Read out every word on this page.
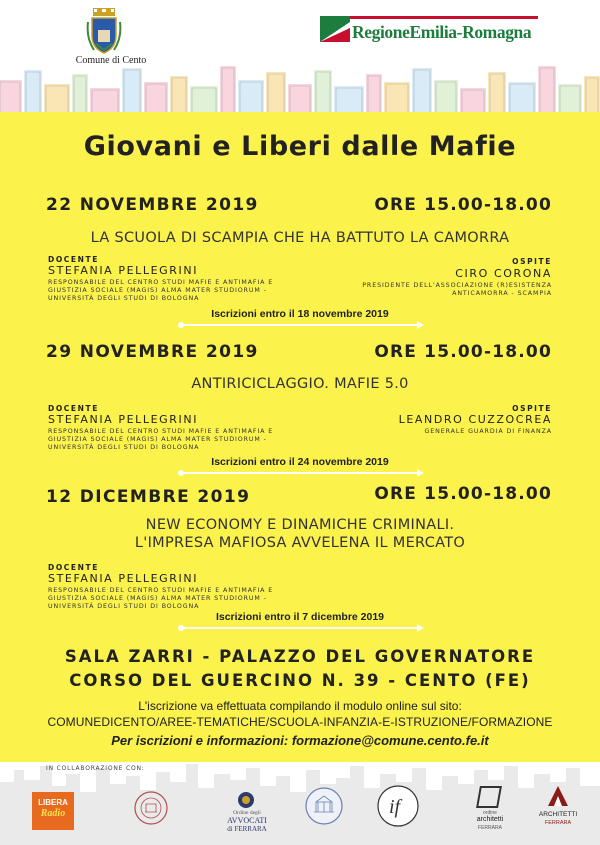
Comune di Cento
RegioneEmilia-Romagna
Giovani e Liberi dalle Mafie
22 NOVEMBRE 2019	ORE 15.00-18.00
LA SCUOLA DI SCAMPIA CHE HA BATTUTO LA CAMORRA
DOCENTE
STEFANIA PELLEGRINI
RESPONSABILE DEL CENTRO STUDI MAFIE E ANTIMAFIA E
GIUSTIZIA SOCIALE (MAGIS) ALMA MATER STUDIORUM -
UNIVERSITÀ DEGLI STUDI DI BOLOGNA
OSPITE
CIRO CORONA
PRESIDENTE DELL'ASSOCIAZIONE (R)ESISTENZA
ANTICAMORRA - SCAMPIA
Iscrizioni entro il 18 novembre 2019
29 NOVEMBRE 2019	ORE 15.00-18.00
ANTIRICICLAGGIO. MAFIE 5.0
DOCENTE
STEFANIA PELLEGRINI
RESPONSABILE DEL CENTRO STUDI MAFIE E ANTIMAFIA E
GIUSTIZIA SOCIALE (MAGIS) ALMA MATER STUDIORUM -
UNIVERSITÀ DEGLI STUDI DI BOLOGNA
OSPITE
LEANDRO CUZZOCREA
GENERALE GUARDIA DI FINANZA
Iscrizioni entro il 24 novembre 2019
12 DICEMBRE 2019	ORE 15.00-18.00
NEW ECONOMY E DINAMICHE CRIMINALI.
L'IMPRESA MAFIOSA AVVELENA IL MERCATO
DOCENTE
STEFANIA PELLEGRINI
RESPONSABILE DEL CENTRO STUDI MAFIE E ANTIMAFIA E
GIUSTIZIA SOCIALE (MAGIS) ALMA MATER STUDIORUM -
UNIVERSITÀ DEGLI STUDI DI BOLOGNA
Iscrizioni entro il 7 dicembre 2019
SALA ZARRI - PALAZZO DEL GOVERNATORE
CORSO DEL GUERCINO N. 39 - CENTO (FE)
L'iscrizione va effettuata compilando il modulo online sul sito:
COMUNEDICENTO/AREE-TEMATICHE/SCUOLA-INFANZIA-E-ISTRUZIONE/FORMAZIONE
Per iscrizioni e informazioni: formazione@comune.cento.fe.it
IN COLLABORAZIONE CON:
LIBERA
Radio	Ordine degli
AVVOCATI
di FERRARA
if	ordine
architetti
FERRARA
ARCHITETTI
FERRARA
